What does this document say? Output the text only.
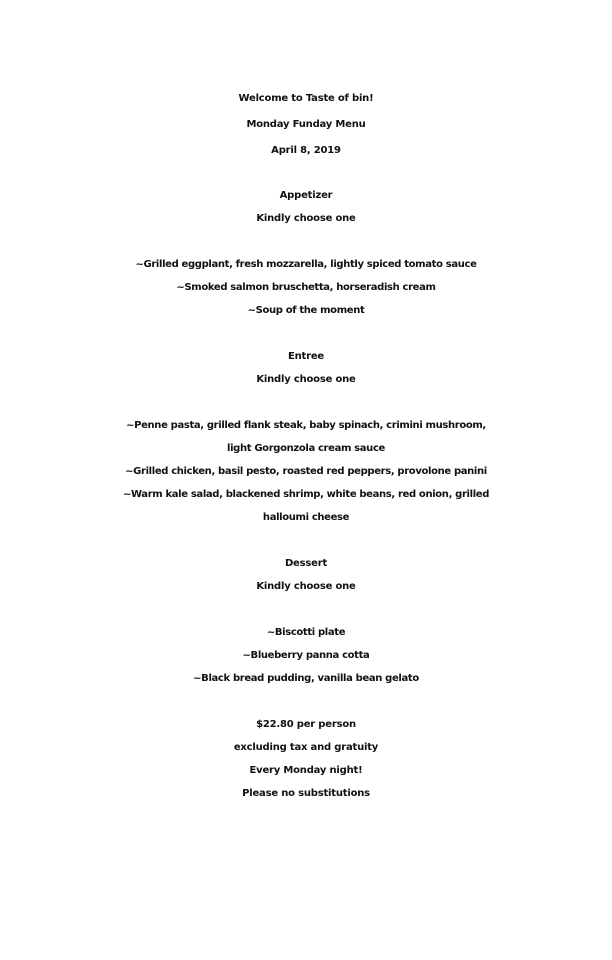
Welcome to Taste of bin!
Monday Funday Menu
April 8, 2019
Appetizer
Kindly choose one
~Grilled eggplant, fresh mozzarella, lightly spiced tomato sauce
~Smoked salmon bruschetta, horseradish cream
~Soup of the moment
Entree
Kindly choose one
~Penne pasta, grilled flank steak, baby spinach, crimini mushroom,
light Gorgonzola cream sauce
~Grilled chicken, basil pesto, roasted red peppers, provolone panini
~Warm kale salad, blackened shrimp, white beans, red onion, grilled
halloumi cheese
Dessert
Kindly choose one
~Biscotti plate
~Blueberry panna cotta
~Black bread pudding, vanilla bean gelato
$22.80 per person
excluding tax and gratuity
Every Monday night!
Please no substitutions
